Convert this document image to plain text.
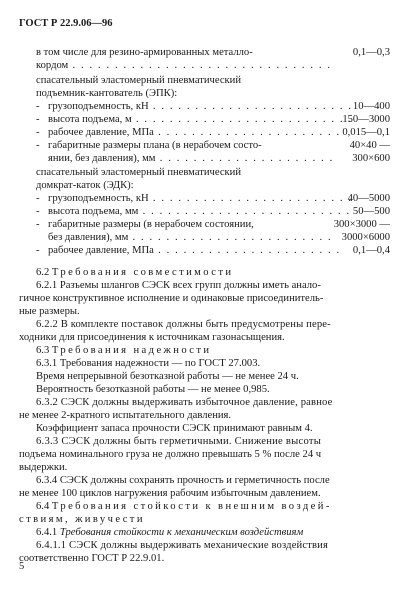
ГОСТ Р 22.9.06—96
в том числе для резино-армированных металло-
кордом . . . . . . . . . . . . . . . . . . . . . . . . . . . . . . .
0,1—0,3
спасательный эластомерный пневматический
подъемник-кантователь (ЭПК):
- грузоподъемность, кН . . . . . . . . . . . . . . . . . . . . . . . . 10—400
- высота подъема, м . . . . . . . . . . . . . . . . . . . . . . . . . .
150—3000
- рабочее давление, МПа . . . . . . . . . . . . . . . . . . . . . . 0,015—0,1
- габаритные размеры плана (в нерабочем состо-	40×40 —
янии, без давления), мм . . . . . . . . . . . . . . . . . . . . . 300×600
спасательный эластомерный пневматический
домкрат-каток (ЭДК):
- грузоподъемность, кН . . . . . . . . . . . . . . . . . . . . . . . .
40—5000
- высота подъема, мм . . . . . . . . . . . . . . . . . . . . . . . . . 50—500
- габаритные размеры (в нерабочем состоянии,	300×3000 —
без давления), мм . . . . . . . . . . . . . . . . . . . . . . . . 3000×6000
- рабочее давление, МПа . . . . . . . . . . . . . . . . . . . . . . 0,1—0,4
6.2 Требования совместимости
6.2.1 Разъемы шлангов СЭСК всех групп должны иметь анало-
гичное конструктивное исполнение и одинаковые присоединитель-
ные размеры.
6.2.2 В комплекте поставок должны быть предусмотрены пере-
ходники для присоединения к источникам газонасыщения.
6.3 Требования надежности
6.3.1 Требования надежности — по ГОСТ 27.003.
Время непрерывной безотказной работы — не менее 24 ч.
Вероятность безотказной работы — не менее 0,985.
6.3.2 СЭСК должны выдерживать избыточное давление, равное
не менее 2-кратного испытательного давления.
Коэффициент запаса прочности СЭСК принимают равным 4.
6.3.3 СЭСК должны быть герметичными. Снижение высоты
подъема номинального груза не должно превышать 5 % после 24 ч
выдержки.
6.3.4 СЭСК должны сохранять прочность и герметичность после
не менее 100 циклов нагружения рабочим избыточным давлением.
6.4 Требования стойкости к внешним воздей-
ствиям, живучести
6.4.1 Требования стойкости к механическим воздействиям
6.4.1.1 СЭСК должны выдерживать механические воздействия
соответственно ГОСТ Р 22.9.01.
5
